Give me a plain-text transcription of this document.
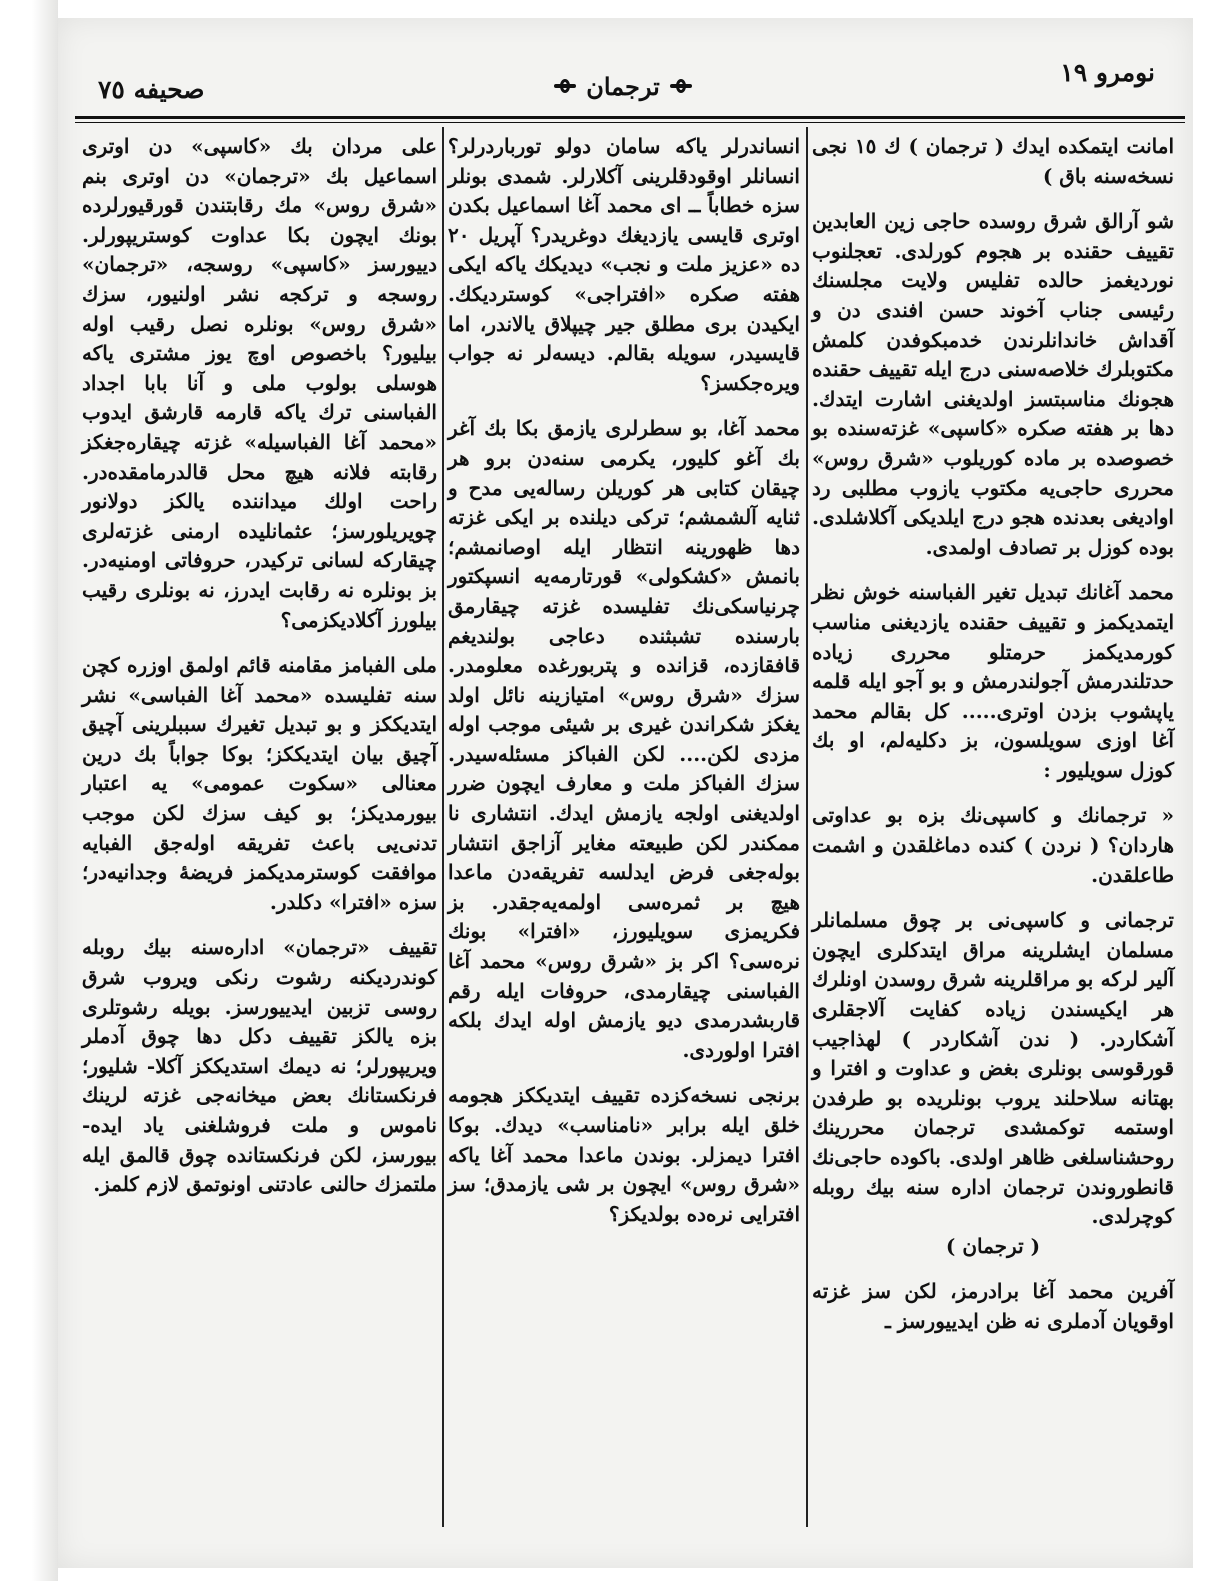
صحيفه ٧٥	ترجمان	نومرو ١٩

امانت ایتمکده ایدك ( ترجمان ) ك ١٥ نجی نسخه‌سنه باق )

شو آرالق شرق روسده حاجی زین العابدین تقییف حقنده بر هجوم کورلدی. تعجلنوب نوردیغمز حالده تفلیس ولایت مجلسنك رئیسی جناب آخوند حسن افندی دن و آقداش خاندانلرندن خدمبکوفدن کلمش مکتوبلرك خلاصه‌سنی درج ایله تقییف حقنده هجونك مناسبتسز اولدیغنی اشارت ایتدك. دها بر هفته صکره «کاسپی» غزته‌سنده بو خصوصده بر ماده کوریلوب «شرق روس» محرری حاجی‌یه مکتوب یازوب مطلبی رد اوادیغی بعدنده هجو درج ایلدیکی آکلاشلدی. بوده کوزل بر تصادف اولمدی.

محمد آغانك تبدیل تغیر الفباسنه خوش نظر ایتمدیکمز و تقییف حقنده یازدیغنی مناسب کورمدیکمز حرمتلو محرری زیاده حدتلندرمش آجولندرمش و بو آجو ایله قلمه یاپشوب بزدن اوتری..... کل بقالم محمد آغا اوزی سویلسون، بز دکلیه‌لم، او بك کوزل سویلیور :

« ترجمانك و کاسپی‌نك بزه بو عداوتی هاردان؟ ( نردن ) کنده دماغلقدن و اشمت طاعلقدن.

ترجمانی و کاسپی‌نی بر چوق مسلمانلر مسلمان ایشلرینه مراق ایتدکلری ایچون آلیر لرکه بو مراقلرینه شرق روسدن اونلرك هر ایکیسندن زیاده کفایت آلاجقلری آشکاردر. ( ندن آشکاردر ) لهذاجیب قورقوسی بونلری بغض و عداوت و افترا و بهتانه سلاحلند یروب بونلریده بو طرفدن اوستمه توکمشدی ترجمان محررینك روحشناسلغی ظاهر اولدی. باکوده حاجی‌نك قانطوروندن ترجمان اداره سنه بیك روبله کوچرلدی.

( ترجمان )

آفرین محمد آغا برادرمز، لکن سز غزته اوقویان آدملری نه ظن ایدییورسز ـ

انساندرلر یاکه سامان دولو تورباردرلر؟ انسانلر اوقودقلرینی آکلارلر. شمدی بونلر سزه خطاباً ــ ای محمد آغا اسماعیل بکدن اوتری قایسی یازدیغك دوغریدر؟ آپریل ٢٠ ده «عزیز ملت و نجب» دیدیکك یاکه ایکی هفته صکره «افتراجی» کوستردیکك. ایکیدن بری مطلق جیر چیپلاق یالاندر، اما قایسیدر، سویله بقالم. دیسه‌لر نه جواب ویره‌جکسز؟

محمد آغا، بو سطرلری یازمق بکا بك آغر بك آغو کلیور، یکرمی سنه‌دن برو هر چیقان کتابی هر کوریلن رساله‌یی مدح و ثنایه آلشمشم؛ ترکی دیلنده بر ایکی غزته دها ظهورینه انتظار ایله اوصانمشم؛ بانمش «کشکولی» قورتارمه‌یه انسپکتور چرنیاسکی‌نك تفلیسده غزته چیقارمق بارسنده تشبثنده دعاجی بولندیغم قافقازده، قزانده و پتربورغده معلومدر. سزك «شرق روس» امتیازینه نائل اولد یغکز شکراندن غیری بر شیئی موجب اوله مزدی لکن.... لکن الفباکز مسئله‌سیدر. سزك الفباکز ملت و معارف ایچون ضرر اولدیغنی اولجه یازمش ایدك. انتشاری نا ممکندر لکن طبیعته مغایر آزاجق انتشار بوله‌جغی فرض ایدلسه تفریقه‌دن ماعدا هیچ بر ثمره‌سی اولمه‌یه‌جقدر. بز فکریمزی سویلیورز، «افترا» بونك نره‌سی؟ اکر بز «شرق روس» محمد آغا الفباسنی چیقارمدی، حروفات ایله رقم قاربشدرمدی دیو یازمش اوله ایدك بلکه افترا اولوردی.

برنجی نسخه‌کزده تقییف ایتدیککز هجومه خلق ایله برابر «نامناسب» دیدك. بوکا افترا دیمزلر. بوندن ماعدا محمد آغا یاکه «شرق روس» ایچون بر شی یازمدق؛ سز افترایی نره‌ده بولدیکز؟

علی مردان بك «کاسپی» دن اوتری اسماعیل بك «ترجمان» دن اوتری بنم «شرق روس» مك رقابتندن قورقیورلرده بونك ایچون بکا عداوت کوستریپورلر. دییورسز «کاسپی» روسجه، «ترجمان» روسجه و ترکجه نشر اولنیور، سزك «شرق روس» بونلره نصل رقیب اوله بیلیور؟ باخصوص اوچ یوز مشتری یاکه هوسلی بولوب ملی و آنا بابا اجداد الفباسنی ترك یاکه قارمه قارشق ایدوب «محمد آغا الفباسیله» غزته چیقاره‌جغکز رقابته فلانه هیچ محل قالدرمامقده‌در. راحت اولك میداننده یالکز دولانور چویریلورسز؛ عثمانلیده ارمنی غزته‌لری چیقارکه لسانی ترکیدر، حروفاتی اومنیه‌در. بز بونلره نه رقابت ایدرز، نه بونلری رقیب بیلورز آکلادیکزمی؟

ملی الفبامز مقامنه قائم اولمق اوزره کچن سنه تفلیسده «محمد آغا الفباسی» نشر ایتدیککز و بو تبدیل تغیرك سببلرینی آچیق آچیق بیان ایتدیککز؛ بوکا جواباً بك درین معنالی «سکوت عمومی» یه اعتبار بیورمدیکز؛ بو کیف سزك لکن موجب تدنی‌یی باعث تفریقه اوله‌جق الفبایه موافقت کوسترمدیکمز فریضهٔ وجدانیه‌در؛ سزه «افترا» دکلدر.

تقییف «ترجمان» اداره‌سنه بیك روبله کوندردیکنه رشوت رنکی ویروب شرق روسی تزبین ایدییورسز. بویله رشوتلری بزه یالکز تقییف دکل دها چوق آدملر ویریپورلر؛ نه دیمك استدیککز آکلا- شلیور؛ فرنکستانك بعض میخانه‌جی غزته لرینك ناموس و ملت فروشلغنی یاد ایده- بیورسز، لکن فرنکستانده چوق قالمق ایله ملتمزك حالنی عادتنی اونوتمق لازم کلمز.
